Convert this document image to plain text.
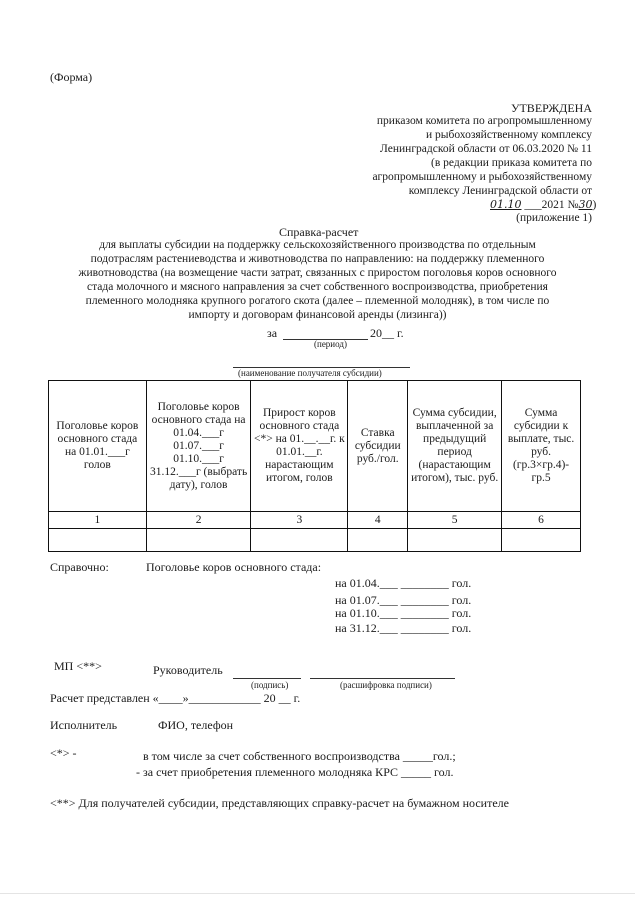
(Форма)
УТВЕРЖДЕНА
приказом комитета по агропромышленному
и рыбохозяйственному комплексу
Ленинградской области от 06.03.2020 № 11
(в редакции приказа комитета по
агропромышленному и рыбохозяйственному
комплексу Ленинградской области от
01.10 ___2021 №30)
(приложение 1)
Справка-расчет
для выплаты субсидии на поддержку сельскохозяйственного производства по отдельным
подотраслям растениеводства и животноводства по направлению: на поддержку племенного
животноводства (на возмещение части затрат, связанных с приростом поголовья коров основного
стада молочного и мясного направления за счет собственного воспроизводства, приобретения
племенного молодняка крупного рогатого скота (далее – племенной молодняк), в том числе по
импорту и договорам финансовой аренды (лизинга))
за	20__ г.
(период)
(наименование получателя субсидии)
Поголовье коров основного стада на 01.01.___г голов	Поголовье коров основного стада на 01.04.___г 01.07.___г 01.10.___г 31.12.___г (выбрать дату), голов	Прирост коров основного стада <*> на 01.__.__г. к 01.01.__г. нарастающим итогом, голов	Ставка субсидии руб./гол.	Сумма субсидии, выплаченной за предыдущий период (нарастающим итогом), тыс. руб.	Сумма субсидии к выплате, тыс. руб. (гр.3×гр.4)- гр.5
1	2	3	4	5	6

Справочно:	Поголовье коров основного стада:
на 01.04.___ ________ гол.
на 01.07.___ ________ гол.
на 01.10.___ ________ гол.
на 31.12.___ ________ гол.
МП <**>	Руководитель
(подпись)	(расшифровка подписи)
Расчет представлен «____»____________ 20 __ г.
Исполнитель	ФИО, телефон
<*> -	в том числе за счет собственного воспроизводства _____гол.;
- за счет приобретения племенного молодняка КРС _____ гол.
<**> Для получателей субсидии, представляющих справку-расчет на бумажном носителе
